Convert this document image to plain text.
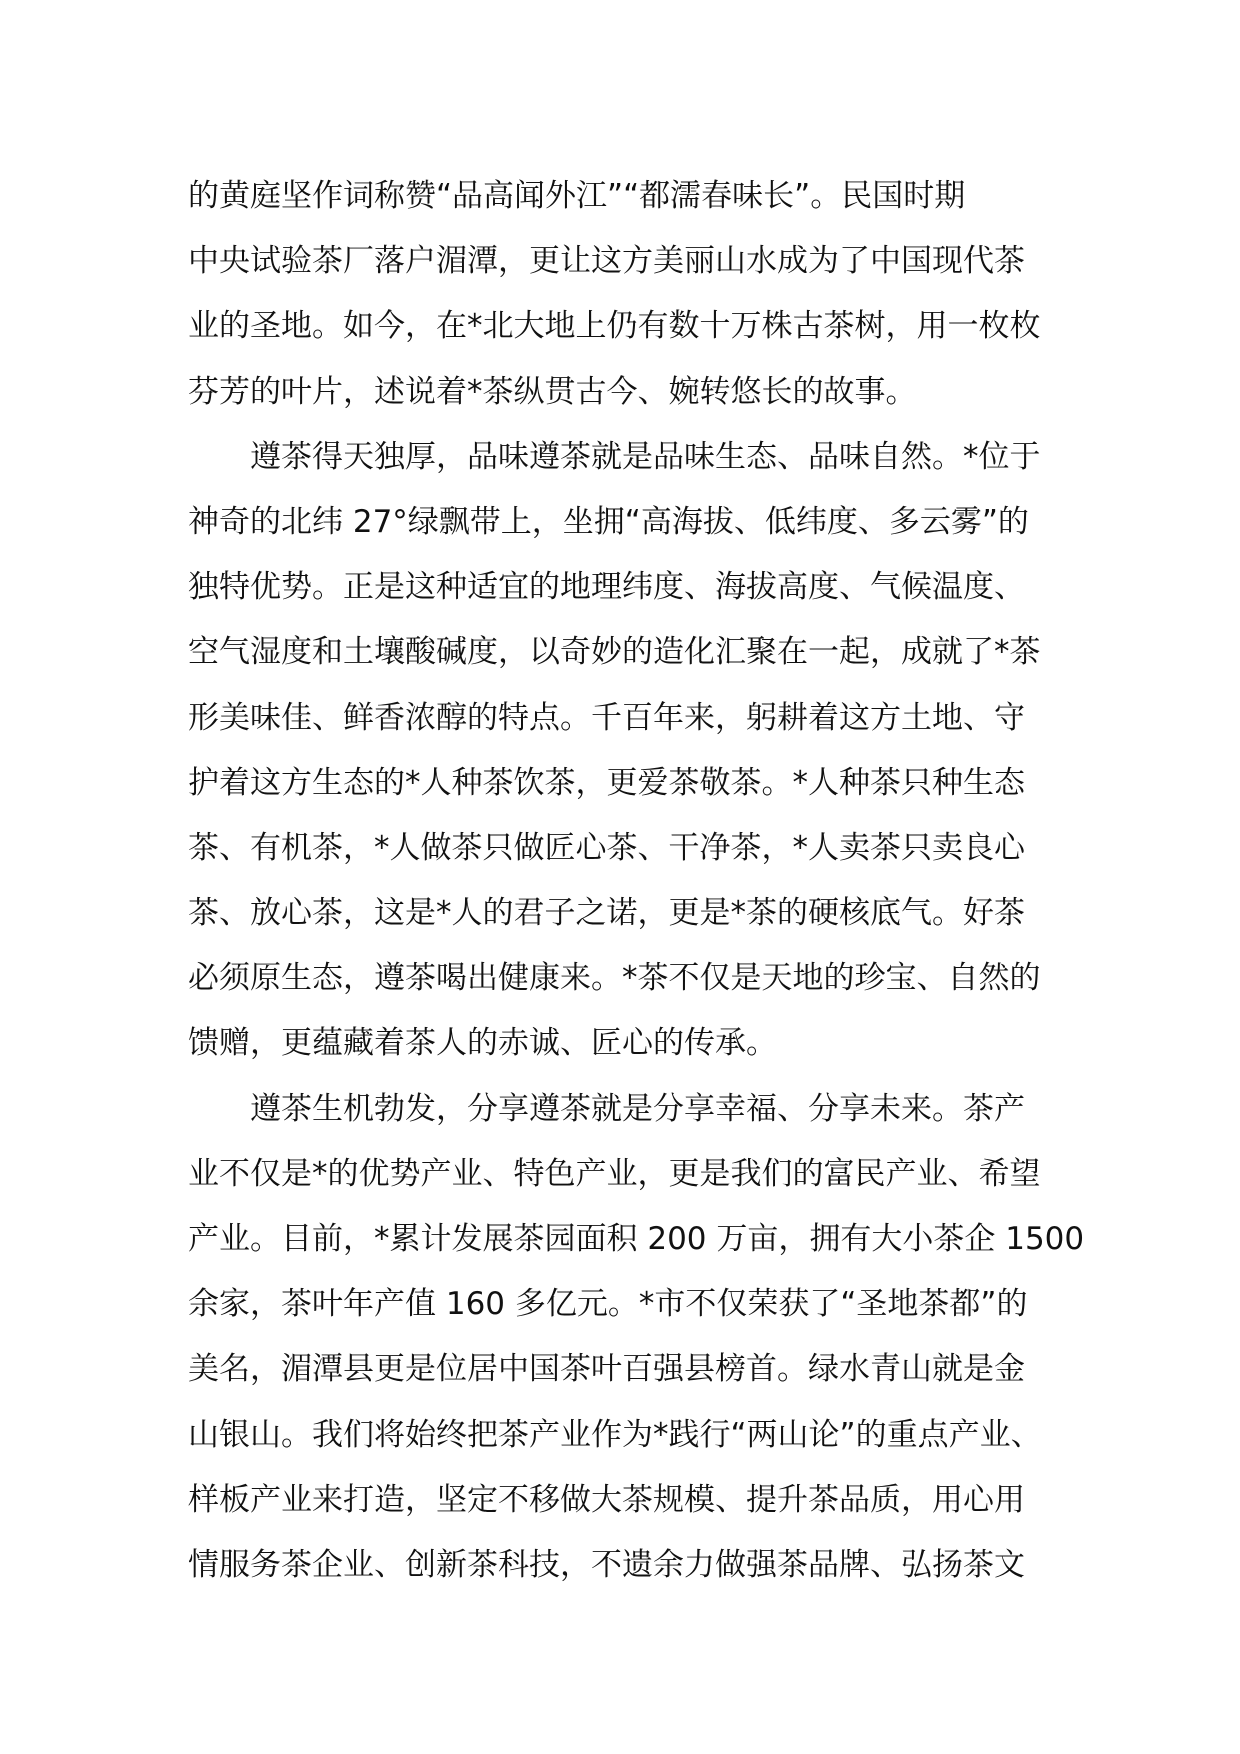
的黄庭坚作词称赞“品高闻外江”“都濡春味长”。民国时期
中央试验茶厂落户湄潭，更让这方美丽山水成为了中国现代茶
业的圣地。如今，在*北大地上仍有数十万株古茶树，用一枚枚
芬芳的叶片，述说着*茶纵贯古今、婉转悠长的故事。
遵茶得天独厚，品味遵茶就是品味生态、品味自然。*位于
神奇的北纬 27°绿飘带上，坐拥“高海拔、低纬度、多云雾”的
独特优势。正是这种适宜的地理纬度、海拔高度、气候温度、
空气湿度和土壤酸碱度，以奇妙的造化汇聚在一起，成就了*茶
形美味佳、鲜香浓醇的特点。千百年来，躬耕着这方土地、守
护着这方生态的*人种茶饮茶，更爱茶敬茶。*人种茶只种生态
茶、有机茶，*人做茶只做匠心茶、干净茶，*人卖茶只卖良心
茶、放心茶，这是*人的君子之诺，更是*茶的硬核底气。好茶
必须原生态，遵茶喝出健康来。*茶不仅是天地的珍宝、自然的
馈赠，更蕴藏着茶人的赤诚、匠心的传承。
遵茶生机勃发，分享遵茶就是分享幸福、分享未来。茶产
业不仅是*的优势产业、特色产业，更是我们的富民产业、希望
产业。目前，*累计发展茶园面积 200 万亩，拥有大小茶企 1500
余家，茶叶年产值 160 多亿元。*市不仅荣获了“圣地茶都”的
美名，湄潭县更是位居中国茶叶百强县榜首。绿水青山就是金
山银山。我们将始终把茶产业作为*践行“两山论”的重点产业、
样板产业来打造，坚定不移做大茶规模、提升茶品质，用心用
情服务茶企业、创新茶科技，不遗余力做强茶品牌、弘扬茶文
